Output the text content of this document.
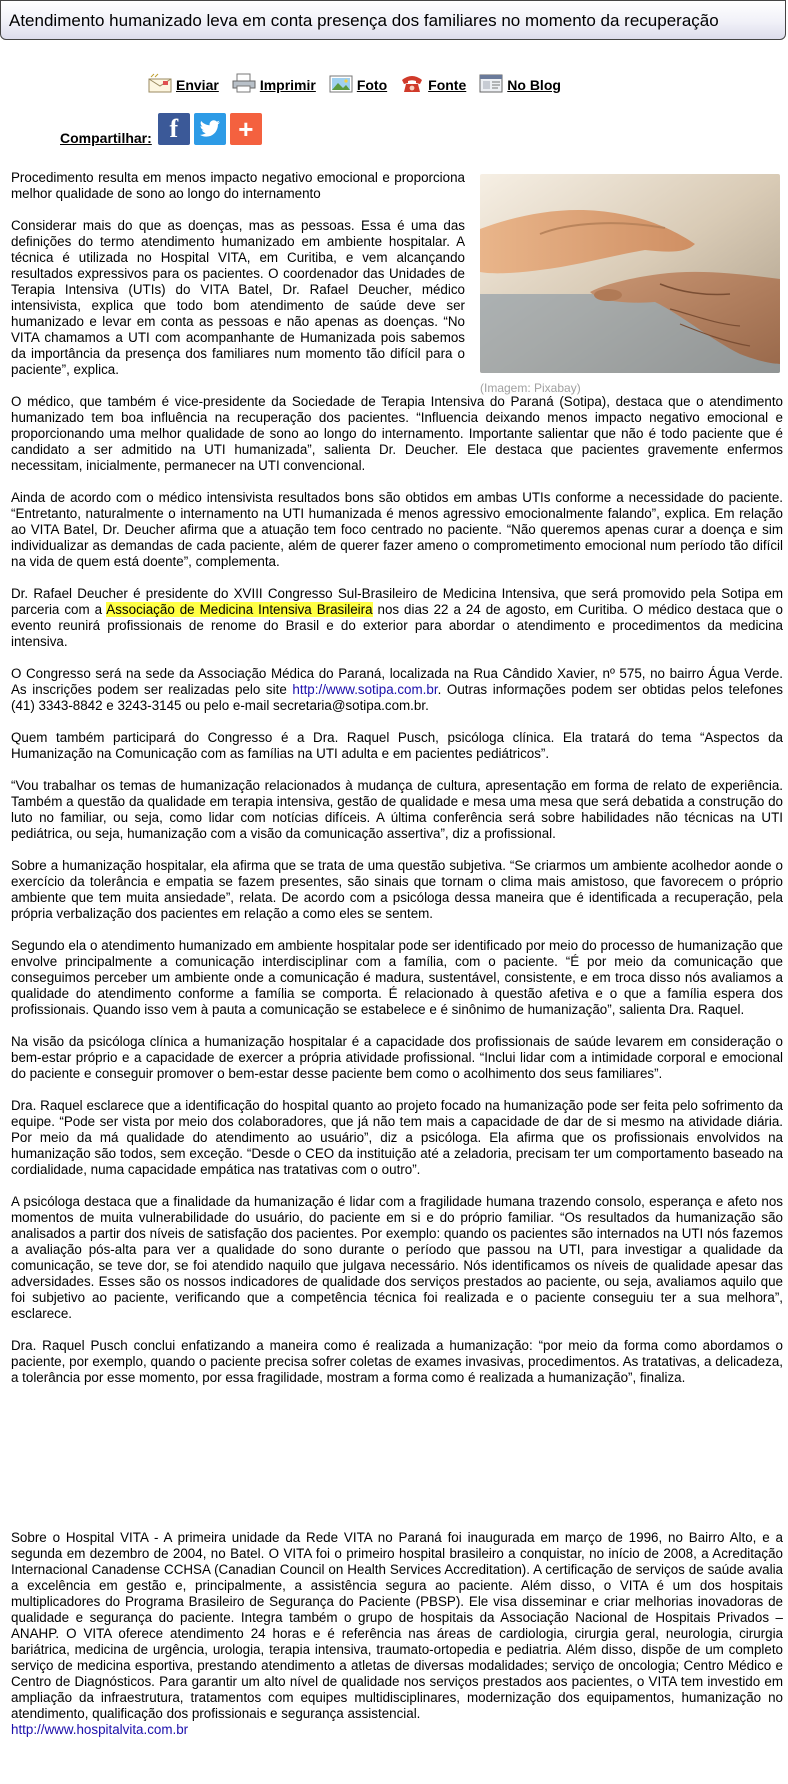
Atendimento humanizado leva em conta presença dos familiares no momento da recuperação
Enviar	Imprimir	Foto	Fonte	No Blog
Compartilhar: f	+
(Imagem: Pixabay)

Procedimento resulta em menos impacto negativo emocional e proporciona melhor qualidade de sono ao longo do internamento

Considerar mais do que as doenças, mas as pessoas. Essa é uma das definições do termo atendimento humanizado em ambiente hospitalar. A técnica é utilizada no Hospital VITA, em Curitiba, e vem alcançando resultados expressivos para os pacientes. O coordenador das Unidades de Terapia Intensiva (UTIs) do VITA Batel, Dr. Rafael Deucher, médico intensivista, explica que todo bom atendimento de saúde deve ser humanizado e levar em conta as pessoas e não apenas as doenças. “No VITA chamamos a UTI com acompanhante de Humanizada pois sabemos da importância da presença dos familiares num momento tão difícil para o paciente”, explica.

O médico, que também é vice-presidente da Sociedade de Terapia Intensiva do Paraná (Sotipa), destaca que o atendimento humanizado tem boa influência na recuperação dos pacientes. “Influencia deixando menos impacto negativo emocional e proporcionando uma melhor qualidade de sono ao longo do internamento. Importante salientar que não é todo paciente que é candidato a ser admitido na UTI humanizada”, salienta Dr. Deucher. Ele destaca que pacientes gravemente enfermos necessitam, inicialmente, permanecer na UTI convencional.

Ainda de acordo com o médico intensivista resultados bons são obtidos em ambas UTIs conforme a necessidade do paciente. “Entretanto, naturalmente o internamento na UTI humanizada é menos agressivo emocionalmente falando”, explica. Em relação ao VITA Batel, Dr. Deucher afirma que a atuação tem foco centrado no paciente. “Não queremos apenas curar a doença e sim individualizar as demandas de cada paciente, além de querer fazer ameno o comprometimento emocional num período tão difícil na vida de quem está doente”, complementa.

Dr. Rafael Deucher é presidente do XVIII Congresso Sul-Brasileiro de Medicina Intensiva, que será promovido pela Sotipa em parceria com a Associação de Medicina Intensiva Brasileira nos dias 22 a 24 de agosto, em Curitiba. O médico destaca que o evento reunirá profissionais de renome do Brasil e do exterior para abordar o atendimento e procedimentos da medicina intensiva.

O Congresso será na sede da Associação Médica do Paraná, localizada na Rua Cândido Xavier, nº 575, no bairro Água Verde. As inscrições podem ser realizadas pelo site http://www.sotipa.com.br. Outras informações podem ser obtidas pelos telefones (41) 3343-8842 e 3243-3145 ou pelo e-mail secretaria@sotipa.com.br.

Quem também participará do Congresso é a Dra. Raquel Pusch, psicóloga clínica. Ela tratará do tema “Aspectos da Humanização na Comunicação com as famílias na UTI adulta e em pacientes pediátricos”.

“Vou trabalhar os temas de humanização relacionados à mudança de cultura, apresentação em forma de relato de experiência. Também a questão da qualidade em terapia intensiva, gestão de qualidade e mesa uma mesa que será debatida a construção do luto no familiar, ou seja, como lidar com notícias difíceis. A última conferência será sobre habilidades não técnicas na UTI pediátrica, ou seja, humanização com a visão da comunicação assertiva”, diz a profissional.

Sobre a humanização hospitalar, ela afirma que se trata de uma questão subjetiva. “Se criarmos um ambiente acolhedor aonde o exercício da tolerância e empatia se fazem presentes, são sinais que tornam o clima mais amistoso, que favorecem o próprio ambiente que tem muita ansiedade”, relata. De acordo com a psicóloga dessa maneira que é identificada a recuperação, pela própria verbalização dos pacientes em relação a como eles se sentem.

Segundo ela o atendimento humanizado em ambiente hospitalar pode ser identificado por meio do processo de humanização que envolve principalmente a comunicação interdisciplinar com a família, com o paciente. “É por meio da comunicação que conseguimos perceber um ambiente onde a comunicação é madura, sustentável, consistente, e em troca disso nós avaliamos a qualidade do atendimento conforme a família se comporta. É relacionado à questão afetiva e o que a família espera dos profissionais. Quando isso vem à pauta a comunicação se estabelece e é sinônimo de humanização”, salienta Dra. Raquel.

Na visão da psicóloga clínica a humanização hospitalar é a capacidade dos profissionais de saúde levarem em consideração o bem-estar próprio e a capacidade de exercer a própria atividade profissional. “Inclui lidar com a intimidade corporal e emocional do paciente e conseguir promover o bem-estar desse paciente bem como o acolhimento dos seus familiares”.

Dra. Raquel esclarece que a identificação do hospital quanto ao projeto focado na humanização pode ser feita pelo sofrimento da equipe. “Pode ser vista por meio dos colaboradores, que já não tem mais a capacidade de dar de si mesmo na atividade diária. Por meio da má qualidade do atendimento ao usuário”, diz a psicóloga. Ela afirma que os profissionais envolvidos na humanização são todos, sem exceção. “Desde o CEO da instituição até a zeladoria, precisam ter um comportamento baseado na cordialidade, numa capacidade empática nas tratativas com o outro”.

A psicóloga destaca que a finalidade da humanização é lidar com a fragilidade humana trazendo consolo, esperança e afeto nos momentos de muita vulnerabilidade do usuário, do paciente em si e do próprio familiar. “Os resultados da humanização são analisados a partir dos níveis de satisfação dos pacientes. Por exemplo: quando os pacientes são internados na UTI nós fazemos a avaliação pós-alta para ver a qualidade do sono durante o período que passou na UTI, para investigar a qualidade da comunicação, se teve dor, se foi atendido naquilo que julgava necessário. Nós identificamos os níveis de qualidade apesar das adversidades. Esses são os nossos indicadores de qualidade dos serviços prestados ao paciente, ou seja, avaliamos aquilo que foi subjetivo ao paciente, verificando que a competência técnica foi realizada e o paciente conseguiu ter a sua melhora”, esclarece.

Dra. Raquel Pusch conclui enfatizando a maneira como é realizada a humanização: “por meio da forma como abordamos o paciente, por exemplo, quando o paciente precisa sofrer coletas de exames invasivas, procedimentos. As tratativas, a delicadeza, a tolerância por esse momento, por essa fragilidade, mostram a forma como é realizada a humanização”, finaliza.

Sobre o Hospital VITA - A primeira unidade da Rede VITA no Paraná foi inaugurada em março de 1996, no Bairro Alto, e a segunda em dezembro de 2004, no Batel. O VITA foi o primeiro hospital brasileiro a conquistar, no início de 2008, a Acreditação Internacional Canadense CCHSA (Canadian Council on Health Services Accreditation). A certificação de serviços de saúde avalia a excelência em gestão e, principalmente, a assistência segura ao paciente. Além disso, o VITA é um dos hospitais multiplicadores do Programa Brasileiro de Segurança do Paciente (PBSP). Ele visa disseminar e criar melhorias inovadoras de qualidade e segurança do paciente. Integra também o grupo de hospitais da Associação Nacional de Hospitais Privados – ANAHP. O VITA oferece atendimento 24 horas e é referência nas áreas de cardiologia, cirurgia geral, neurologia, cirurgia bariátrica, medicina de urgência, urologia, terapia intensiva, traumato-ortopedia e pediatria. Além disso, dispõe de um completo serviço de medicina esportiva, prestando atendimento a atletas de diversas modalidades; serviço de oncologia; Centro Médico e Centro de Diagnósticos. Para garantir um alto nível de qualidade nos serviços prestados aos pacientes, o VITA tem investido em ampliação da infraestrutura, tratamentos com equipes multidisciplinares, modernização dos equipamentos, humanização no atendimento, qualificação dos profissionais e segurança assistencial.
http://www.hospitalvita.com.br
